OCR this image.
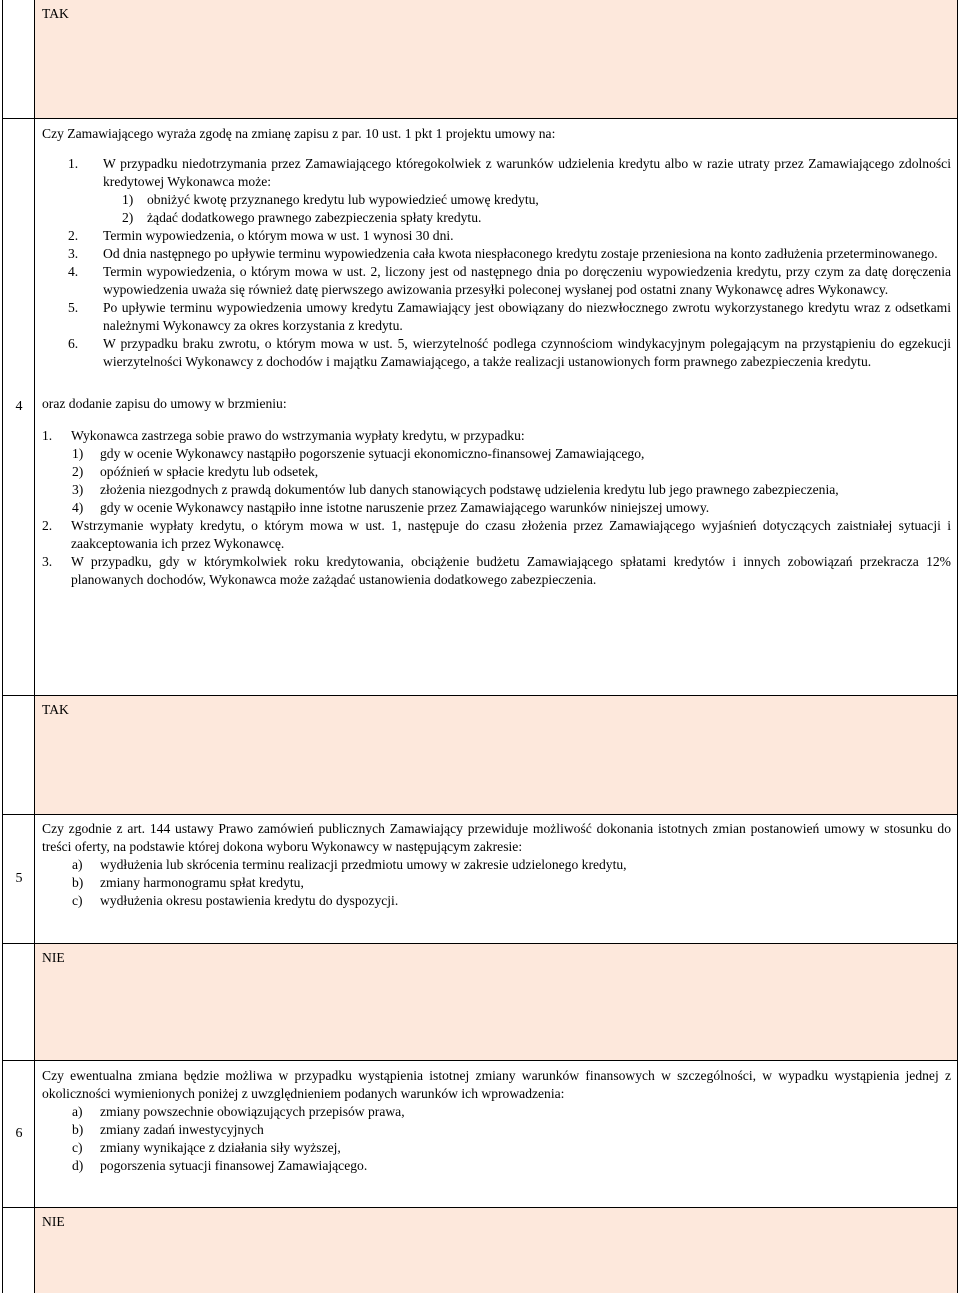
TAK

4

Czy Zamawiającego wyraża zgodę na zmianę zapisu z par. 10 ust. 1 pkt 1 projektu umowy na:

1. W przypadku niedotrzymania przez Zamawiającego któregokolwiek z warunków udzielenia kredytu albo w razie utraty przez Zamawiającego zdolności kredytowej Wykonawca może:
1) obniżyć kwotę przyznanego kredytu lub wypowiedzieć umowę kredytu,
2) żądać dodatkowego prawnego zabezpieczenia spłaty kredytu.
2. Termin wypowiedzenia, o którym mowa w ust. 1 wynosi 30 dni.
3. Od dnia następnego po upływie terminu wypowiedzenia cała kwota niespłaconego kredytu zostaje przeniesiona na konto zadłużenia przeterminowanego.
4. Termin wypowiedzenia, o którym mowa w ust. 2, liczony jest od następnego dnia po doręczeniu wypowiedzenia kredytu, przy czym za datę doręczenia wypowiedzenia uważa się również datę pierwszego awizowania przesyłki poleconej wysłanej pod ostatni znany Wykonawcę adres Wykonawcy.
5. Po upływie terminu wypowiedzenia umowy kredytu Zamawiający jest obowiązany do niezwłocznego zwrotu wykorzystanego kredytu wraz z odsetkami należnymi Wykonawcy za okres korzystania z kredytu.
6. W przypadku braku zwrotu, o którym mowa w ust. 5, wierzytelność podlega czynnościom windykacyjnym polegającym na przystąpieniu do egzekucji wierzytelności Wykonawcy z dochodów i majątku Zamawiającego, a także realizacji ustanowionych form prawnego zabezpieczenia kredytu.

oraz dodanie zapisu do umowy w brzmieniu:

1. Wykonawca zastrzega sobie prawo do wstrzymania wypłaty kredytu, w przypadku:
1) gdy w ocenie Wykonawcy nastąpiło pogorszenie sytuacji ekonomiczno-finansowej Zamawiającego,
2) opóźnień w spłacie kredytu lub odsetek,
3) złożenia niezgodnych z prawdą dokumentów lub danych stanowiących podstawę udzielenia kredytu lub jego prawnego zabezpieczenia,
4) gdy w ocenie Wykonawcy nastąpiło inne istotne naruszenie przez Zamawiającego warunków niniejszej umowy.
2. Wstrzymanie wypłaty kredytu, o którym mowa w ust. 1, następuje do czasu złożenia przez Zamawiającego wyjaśnień dotyczących zaistniałej sytuacji i zaakceptowania ich przez Wykonawcę.
3. W przypadku, gdy w którymkolwiek roku kredytowania, obciążenie budżetu Zamawiającego spłatami kredytów i innych zobowiązań przekracza 12% planowanych dochodów, Wykonawca może zażądać ustanowienia dodatkowego zabezpieczenia.

TAK

5

Czy zgodnie z art. 144 ustawy Prawo zamówień publicznych Zamawiający przewiduje możliwość dokonania istotnych zmian postanowień umowy w stosunku do treści oferty, na podstawie której dokona wyboru Wykonawcy w następującym zakresie:

a) wydłużenia lub skrócenia terminu realizacji przedmiotu umowy w zakresie udzielonego kredytu,
b) zmiany harmonogramu spłat kredytu,
c) wydłużenia okresu postawienia kredytu do dyspozycji.

NIE

6

Czy ewentualna zmiana będzie możliwa w przypadku wystąpienia istotnej zmiany warunków finansowych w szczególności, w wypadku wystąpienia jednej z okoliczności wymienionych poniżej z uwzględnieniem podanych warunków ich wprowadzenia:

a) zmiany powszechnie obowiązujących przepisów prawa,
b) zmiany zadań inwestycyjnych
c) zmiany wynikające z działania siły wyższej,
d) pogorszenia sytuacji finansowej Zamawiającego.

NIE
